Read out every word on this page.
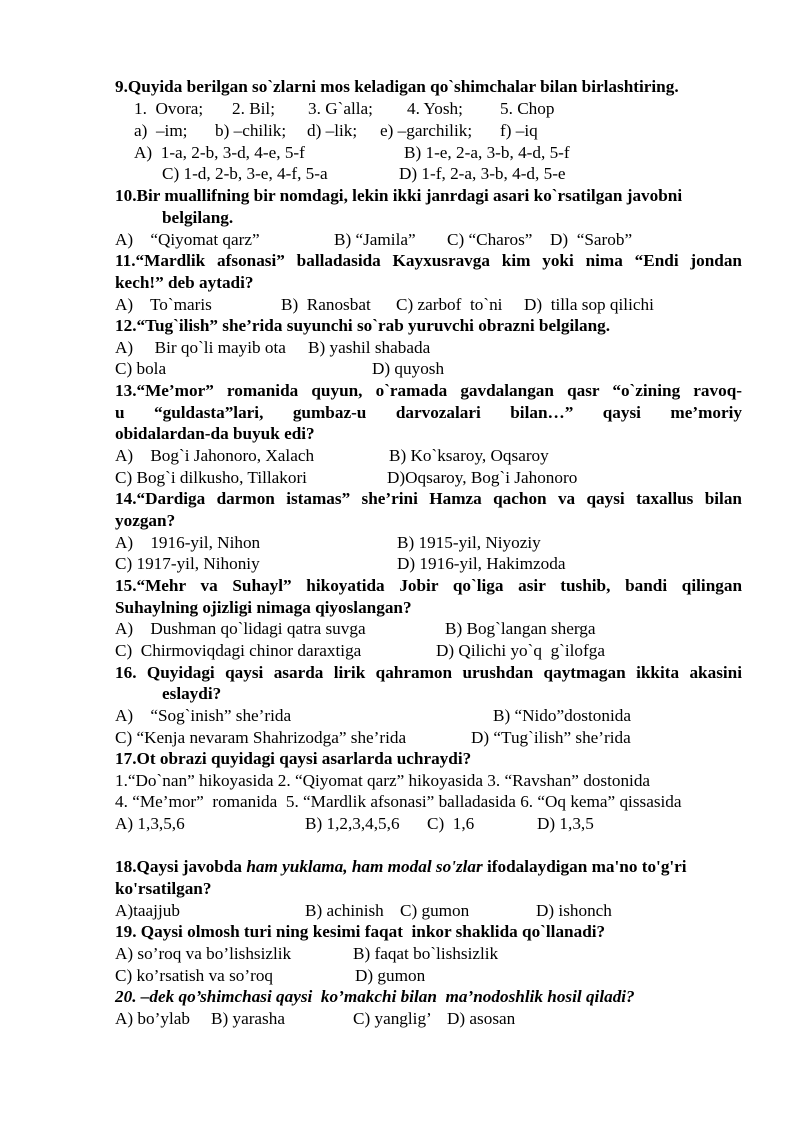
9.Quyida berilgan so`zlarni mos keladigan qo`shimchalar bilan birlashtiring.
1.  Ovora; 2. Bil; 3. G`alla; 4. Yosh; 5. Chop
a)  –im; b) –chilik; d) –lik; e) –garchilik; f) –iq
A)  1-a, 2-b, 3-d, 4-e, 5-f	B) 1-e, 2-a, 3-b, 4-d, 5-f
C) 1-d, 2-b, 3-e, 4-f, 5-a	D) 1-f, 2-a, 3-b, 4-d, 5-e
10.Bir muallifning bir nomdagi, lekin ikki janrdagi asari ko`rsatilgan javobni
belgilang.
A)    “Qiyomat qarz”	B) “Jamila” C) “Charos” D)  “Sarob”
11.“Mardlik afsonasi” balladasida Kayxusravga kim yoki nima “Endi jondan
kech!” deb aytadi?
A)    To`maris	B)  Ranosbat C) zarbof  to`ni D)  tilla sop qilichi
12.“Tug`ilish” she’rida suyunchi so`rab yuruvchi obrazni belgilang.
A)     Bir qo`li mayib ota B) yashil shabada
C) bola	D) quyosh
13.“Me’mor” romanida quyun, o`ramada gavdalangan qasr “o`zining ravoq-
u “guldasta”lari, gumbaz-u darvozalari bilan…” qaysi me’moriy
obidalardan-da buyuk edi?
A)    Bog`i Jahonoro, Xalach	B) Ko`ksaroy, Oqsaroy
C) Bog`i dilkusho, Tillakori	D)Oqsaroy, Bog`i Jahonoro
14.“Dardiga darmon istamas” she’rini Hamza qachon va qaysi taxallus bilan
yozgan?
A)    1916-yil, Nihon	B) 1915-yil, Niyoziy
C) 1917-yil, Nihoniy	D) 1916-yil, Hakimzoda
15.“Mehr va Suhayl” hikoyatida Jobir qo`liga asir tushib, bandi qilingan
Suhaylning ojizligi nimaga qiyoslangan?
A)    Dushman qo`lidagi qatra suvga	B) Bog`langan sherga
C)  Chirmoviqdagi chinor daraxtiga	D) Qilichi yo`q  g`ilofga
16. Quyidagi qaysi asarda lirik qahramon urushdan qaytmagan ikkita akasini
eslaydi?
A)    “Sog`inish” she’rida	B) “Nido”dostonida
C) “Kenja nevaram Shahrizodga” she’rida	D) “Tug`ilish” she’rida
17.Ot obrazi quyidagi qaysi asarlarda uchraydi?
1.“Do`nan” hikoyasida 2. “Qiyomat qarz” hikoyasida 3. “Ravshan” dostonida
4. “Me’mor”  romanida  5. “Mardlik afsonasi” balladasida 6. “Oq kema” qissasida
A) 1,3,5,6	B) 1,2,3,4,5,6 C)  1,6	D) 1,3,5
18.Qaysi javobda ham yuklama, ham modal so'zlar ifodalaydigan ma'no to'g'ri
ko'rsatilgan?
A)taajjub	B) achinish C) gumon	D) ishonch
19. Qaysi olmosh turi ning kesimi faqat  inkor shaklida qo`llanadi?
A) so’roq va bo’lishsizlik	B) faqat bo`lishsizlik
C) ko’rsatish va so’roq	D) gumon
20. –dek qo’shimchasi qaysi  ko’makchi bilan  ma’nodoshlik hosil qiladi?
A) bo’ylab B) yarasha	C) yanglig’ D) asosan
